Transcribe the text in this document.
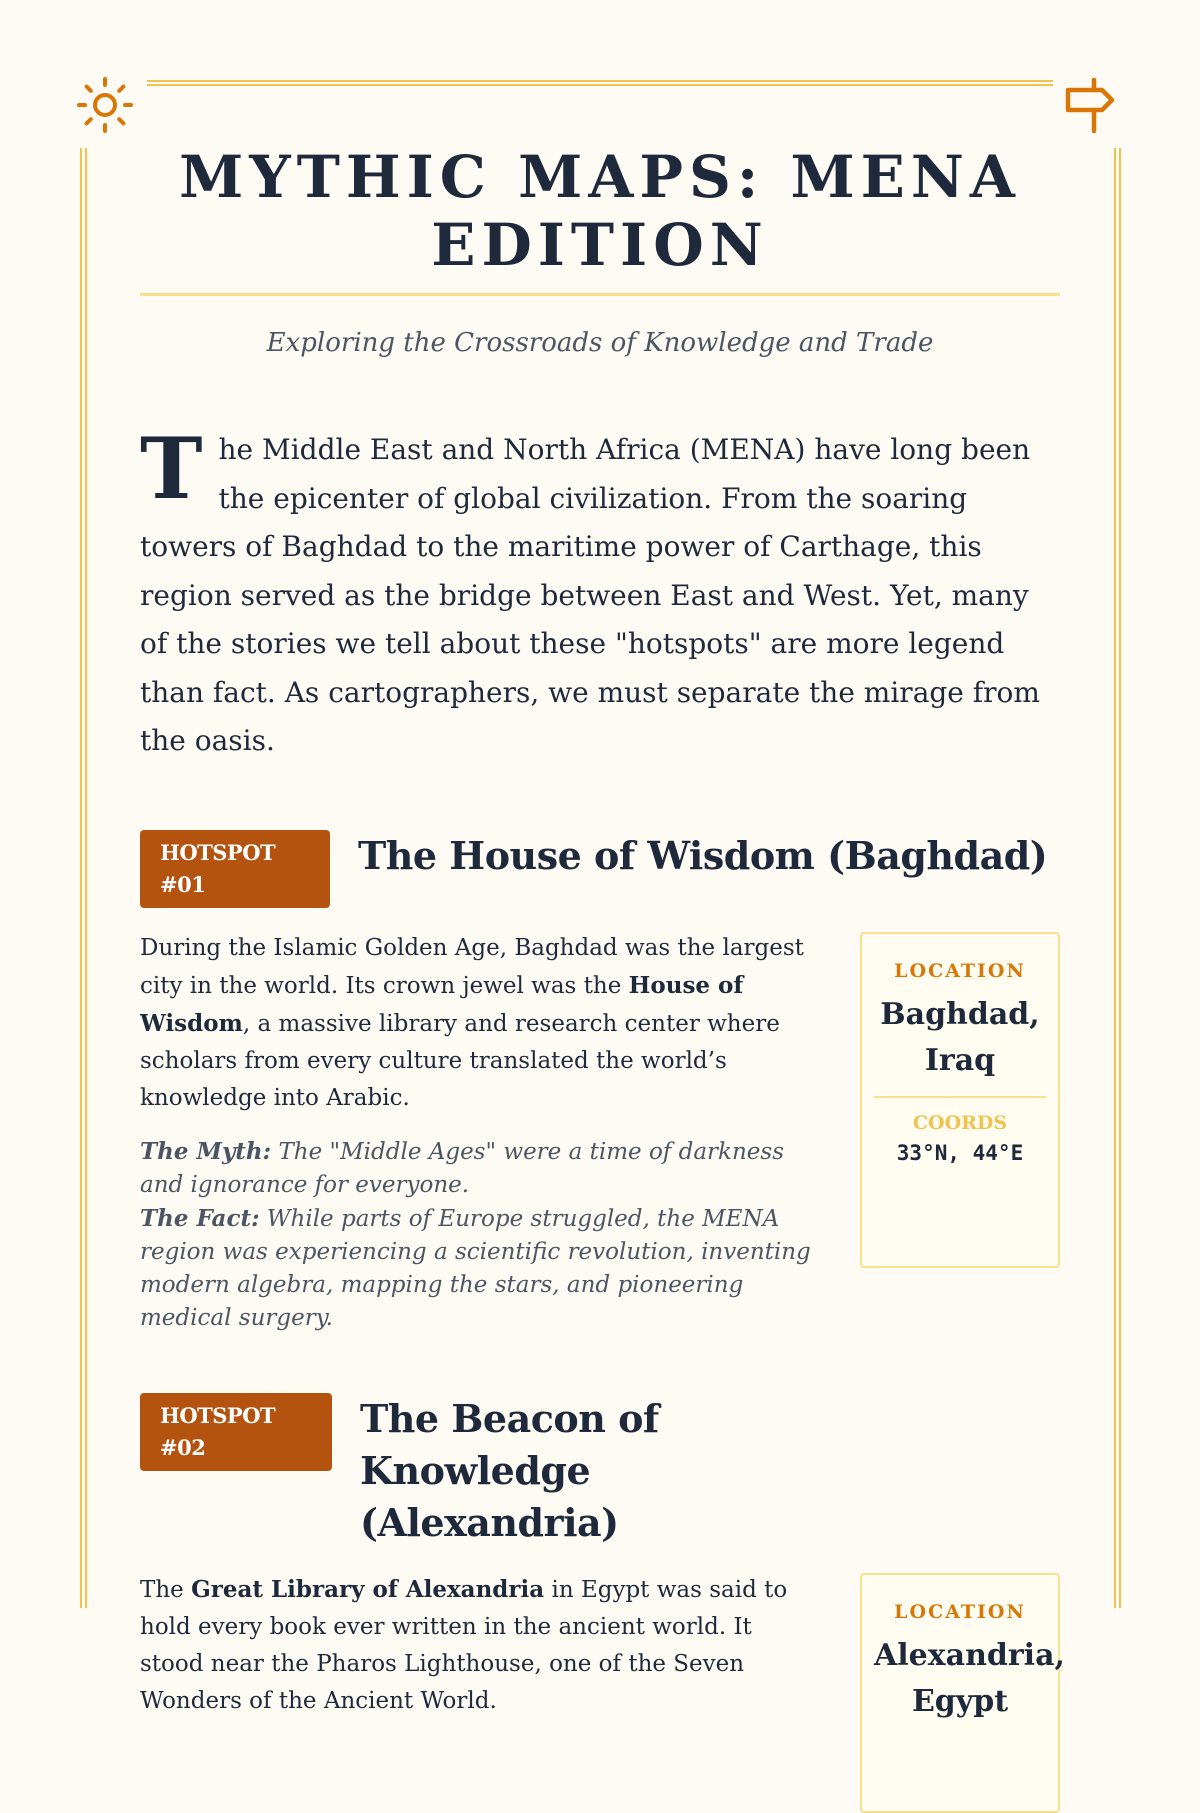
MYTHIC MAPS: MENA EDITION

Exploring the Crossroads of Knowledge and Trade

The Middle East and North Africa (MENA) have long been the epicenter of global civilization. From the soaring towers of Baghdad to the maritime power of Carthage, this region served as the bridge between East and West. Yet, many of the stories we tell about these "hotspots" are more legend than fact. As cartographers, we must separate the mirage from the oasis.

HOTSPOT #01
The House of Wisdom (Baghdad)

During the Islamic Golden Age, Baghdad was the largest city in the world. Its crown jewel was the House of Wisdom, a massive library and research center where scholars from every culture translated the world’s knowledge into Arabic.

The Myth: The "Middle Ages" were a time of darkness and ignorance for everyone.
The Fact: While parts of Europe struggled, the MENA region was experiencing a scientific revolution, inventing modern algebra, mapping the stars, and pioneering medical surgery.

LOCATION
Baghdad, Iraq
COORDS
33°N, 44°E
HOTSPOT #02
The Beacon of Knowledge (Alexandria)

The Great Library of Alexandria in Egypt was said to hold every book ever written in the ancient world. It stood near the Pharos Lighthouse, one of the Seven Wonders of the Ancient World.

LOCATION
Alexandria, Egypt
